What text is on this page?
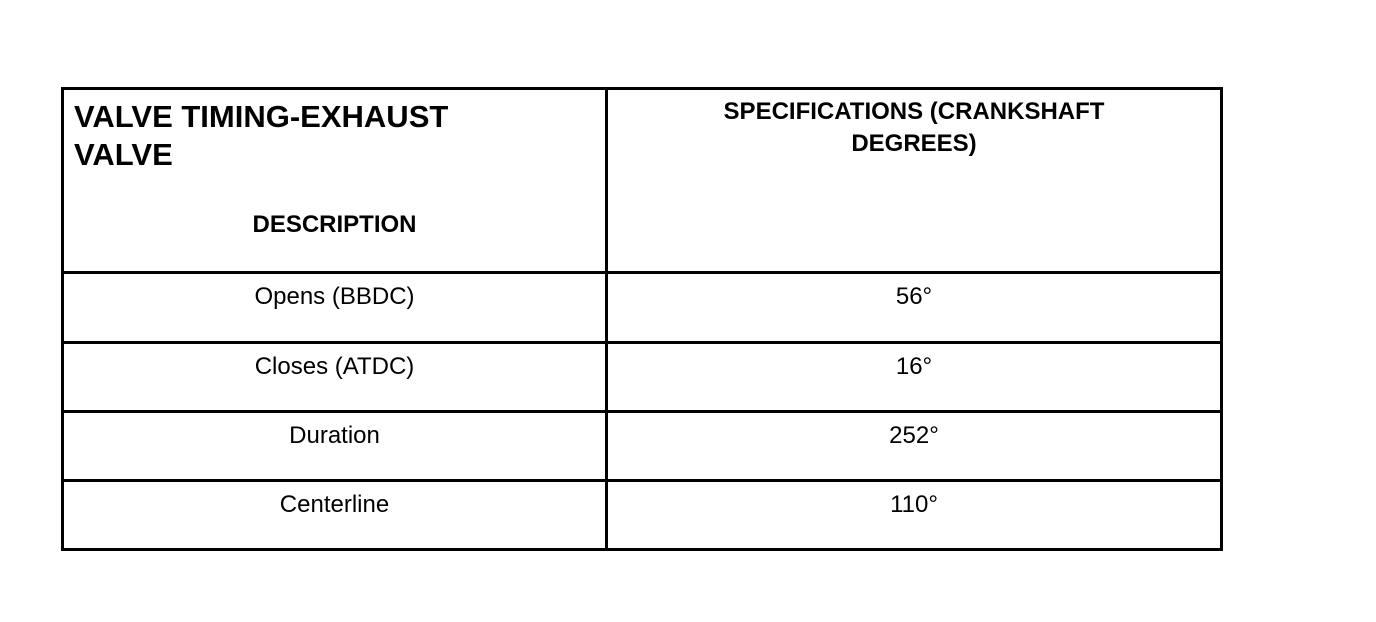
VALVE TIMING-EXHAUST VALVE
DESCRIPTION	SPECIFICATIONS (CRANKSHAFT DEGREES)

Opens (BBDC)	56°

Closes (ATDC)	16°

Duration	252°

Centerline	110°
